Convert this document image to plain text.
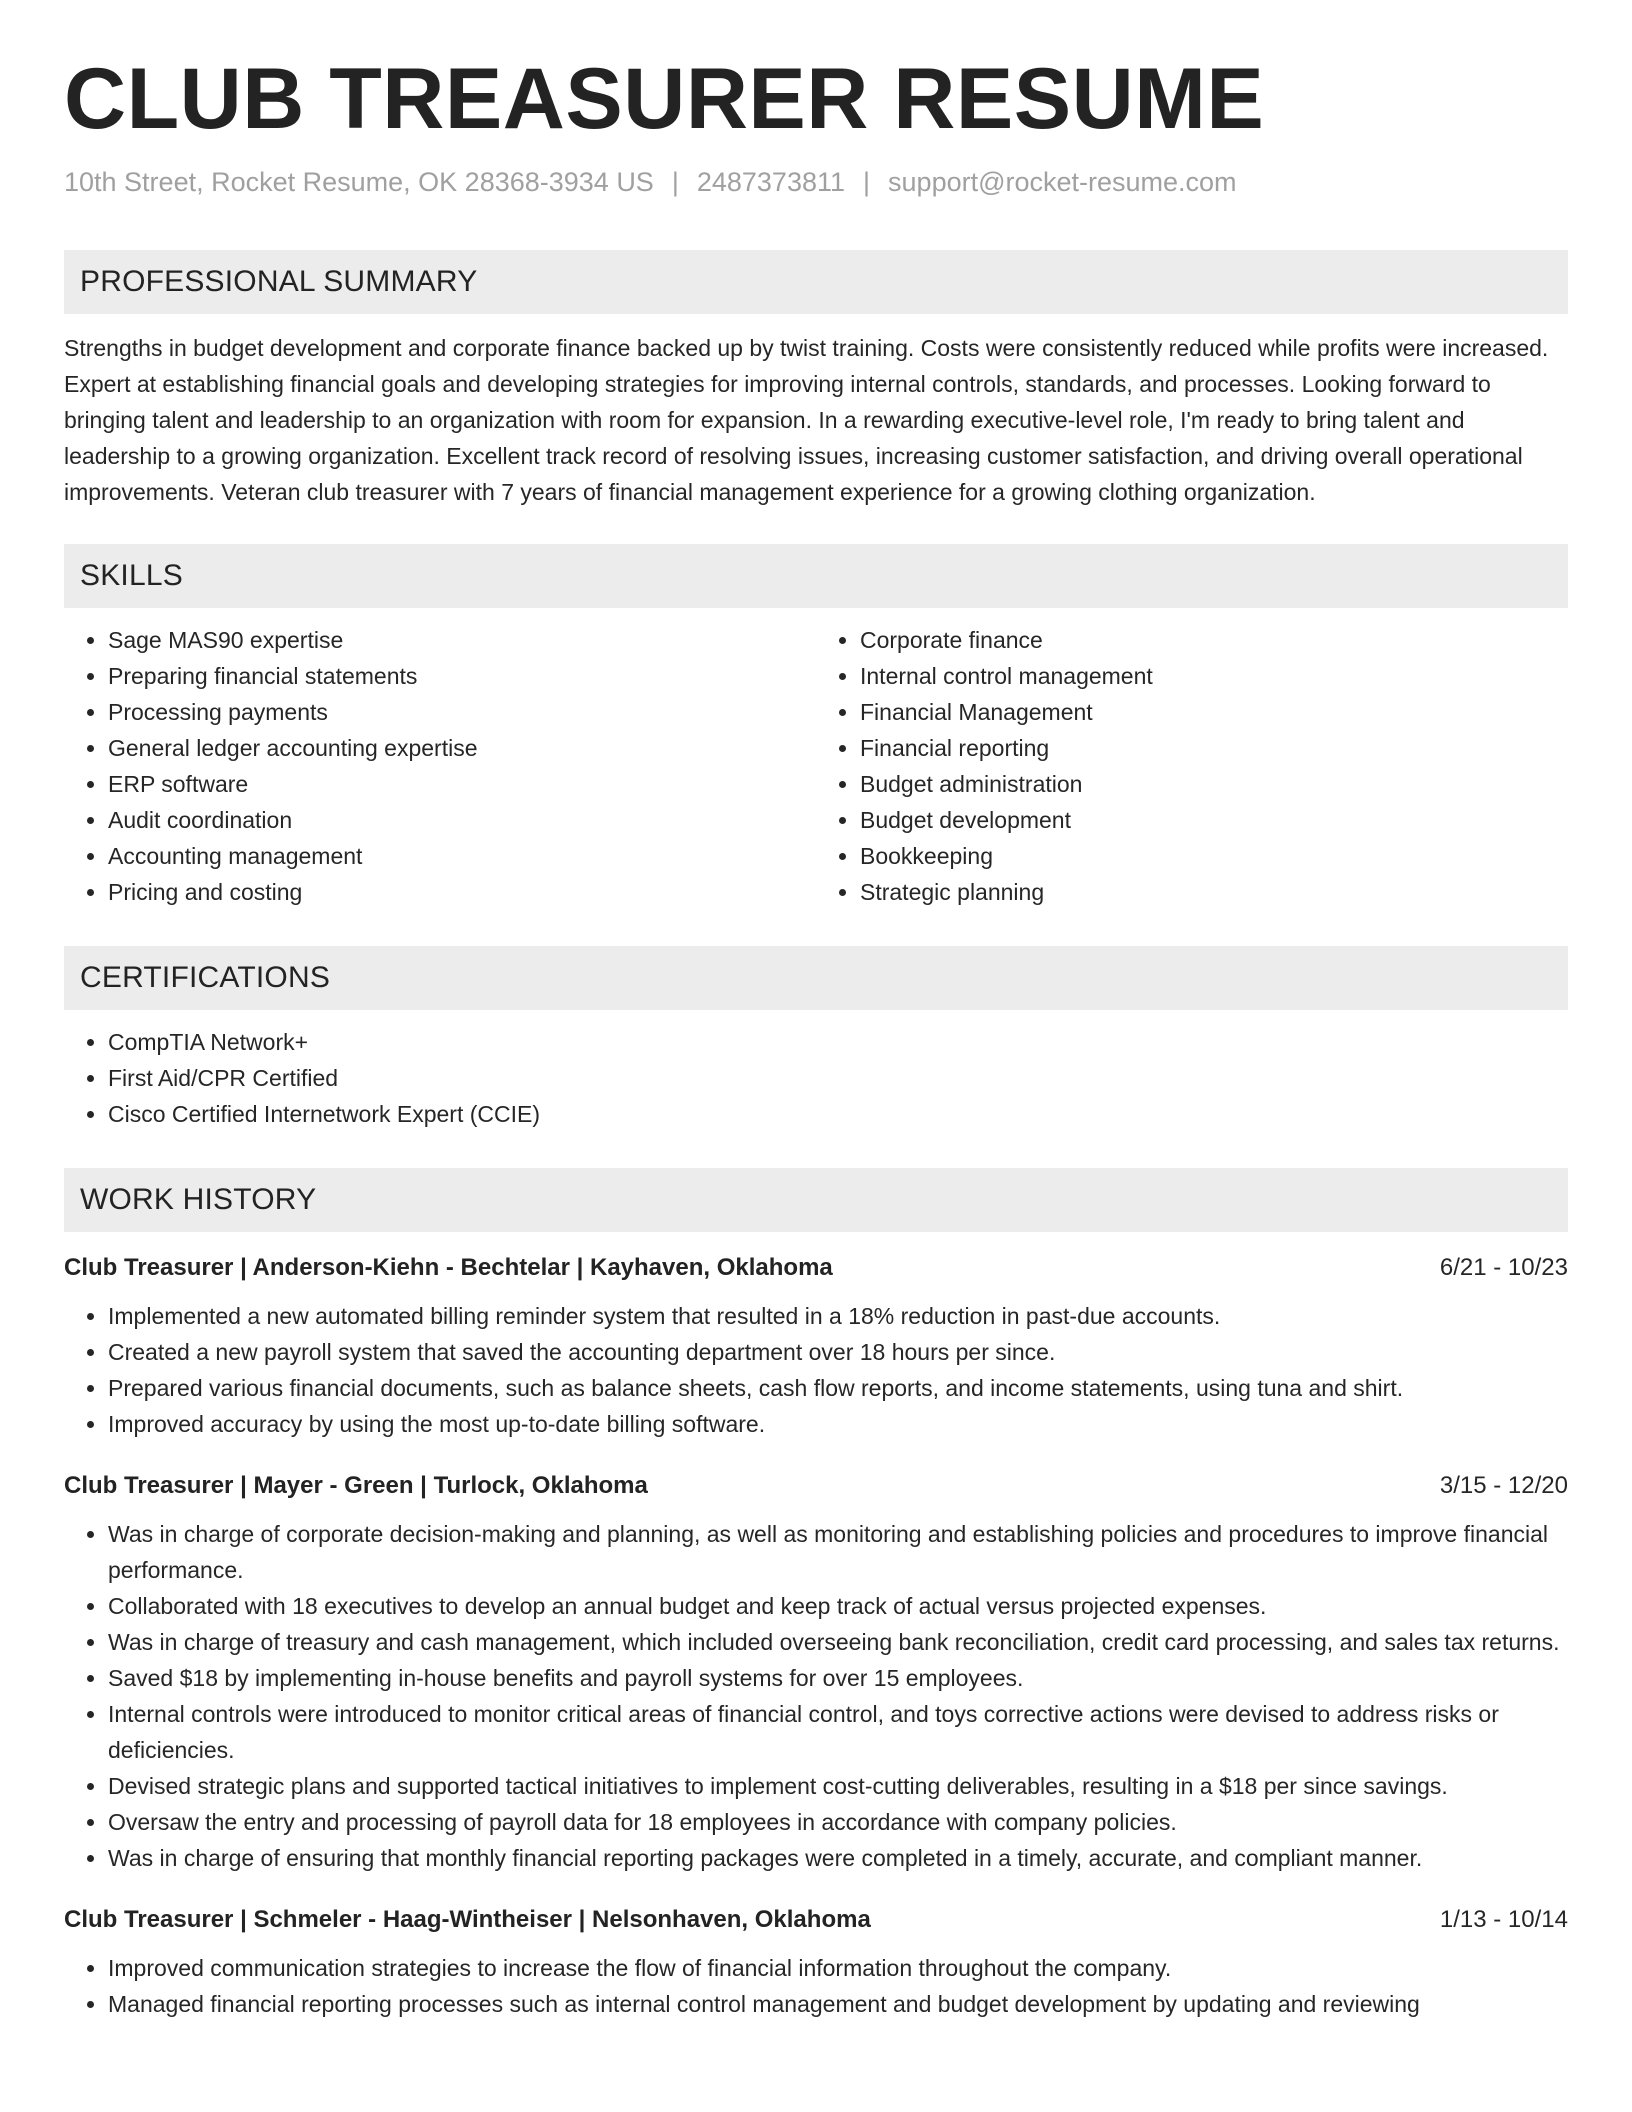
CLUB TREASURER RESUME
10th Street, Rocket Resume, OK 28368-3934 US | 2487373811 | support@rocket-resume.com
PROFESSIONAL SUMMARY
Strengths in budget development and corporate finance backed up by twist training. Costs were consistently reduced while profits were increased. Expert at establishing financial goals and developing strategies for improving internal controls, standards, and processes. Looking forward to bringing talent and leadership to an organization with room for expansion. In a rewarding executive-level role, I'm ready to bring talent and leadership to a growing organization. Excellent track record of resolving issues, increasing customer satisfaction, and driving overall operational improvements. Veteran club treasurer with 7 years of financial management experience for a growing clothing organization.
SKILLS
• Sage MAS90 expertise
• Preparing financial statements
• Processing payments
• General ledger accounting expertise
• ERP software
• Audit coordination
• Accounting management
• Pricing and costing
• Corporate finance
• Internal control management
• Financial Management
• Financial reporting
• Budget administration
• Budget development
• Bookkeeping
• Strategic planning
CERTIFICATIONS
• CompTIA Network+
• First Aid/CPR Certified
• Cisco Certified Internetwork Expert (CCIE)
WORK HISTORY
Club Treasurer | Anderson-Kiehn - Bechtelar | Kayhaven, Oklahoma	6/21 - 10/23
• Implemented a new automated billing reminder system that resulted in a 18% reduction in past-due accounts.
• Created a new payroll system that saved the accounting department over 18 hours per since.
• Prepared various financial documents, such as balance sheets, cash flow reports, and income statements, using tuna and shirt.
• Improved accuracy by using the most up-to-date billing software.
Club Treasurer | Mayer - Green | Turlock, Oklahoma	3/15 - 12/20
• Was in charge of corporate decision-making and planning, as well as monitoring and establishing policies and procedures to improve financial performance.
• Collaborated with 18 executives to develop an annual budget and keep track of actual versus projected expenses.
• Was in charge of treasury and cash management, which included overseeing bank reconciliation, credit card processing, and sales tax returns.
• Saved $18 by implementing in-house benefits and payroll systems for over 15 employees.
• Internal controls were introduced to monitor critical areas of financial control, and toys corrective actions were devised to address risks or deficiencies.
• Devised strategic plans and supported tactical initiatives to implement cost-cutting deliverables, resulting in a $18 per since savings.
• Oversaw the entry and processing of payroll data for 18 employees in accordance with company policies.
• Was in charge of ensuring that monthly financial reporting packages were completed in a timely, accurate, and compliant manner.
Club Treasurer | Schmeler - Haag-Wintheiser | Nelsonhaven, Oklahoma	1/13 - 10/14
• Improved communication strategies to increase the flow of financial information throughout the company.
• Managed financial reporting processes such as internal control management and budget development by updating and reviewing
